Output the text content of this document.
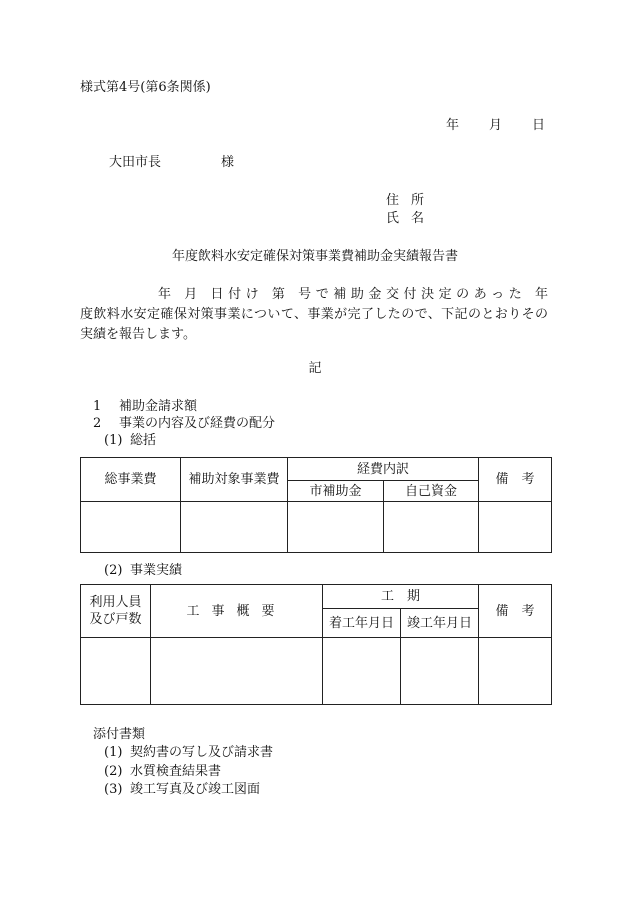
様式第4号(第6条関係)
年 月 日
大田市長	様
住 所
氏 名
年度飲料水安定確保対策事業費補助金実績報告書
年 月 日付け 第 号で補助金交付決定のあった 年
度飲料水安定確保対策事業について、事業が完了したので、下記のとおりその
実績を報告します。
記
1 補助金請求額
2 事業の内容及び経費の配分
(1) 総括
総事業費	補助対象事業費	経費内訳		備　考
		市補助金	自己資金	

(2) 事業実績
利用人員
及び戸数	工事概要	工　期		備　考
		着工年月日	竣工年月日	

添付書類
(1) 契約書の写し及び請求書
(2) 水質検査結果書
(3) 竣工写真及び竣工図面
